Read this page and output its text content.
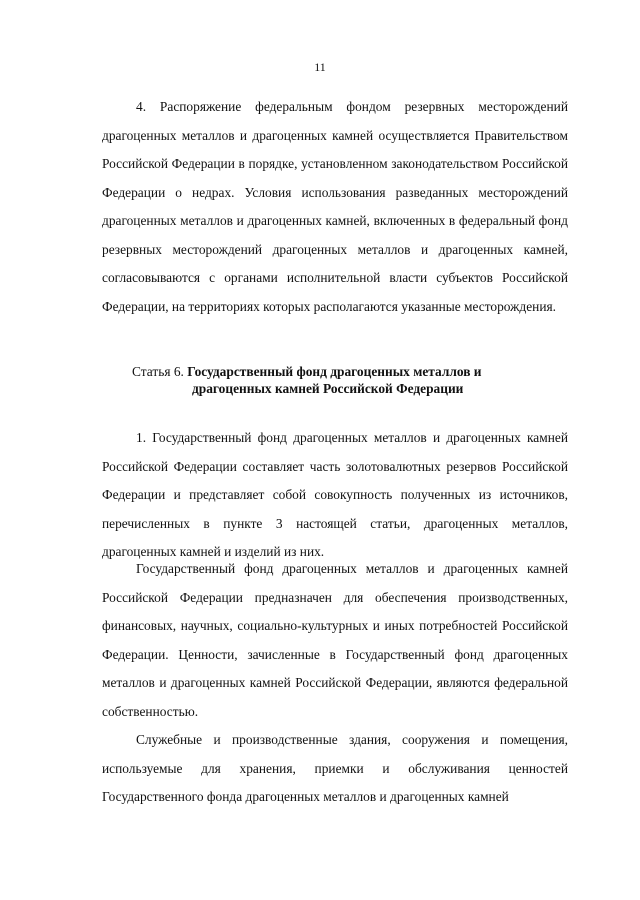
11

4. Распоряжение федеральным фондом резервных месторождений драгоценных металлов и драгоценных камней осуществляется Правительством Российской Федерации в порядке, установленном законодательством Российской Федерации о недрах. Условия использования разведанных месторождений драгоценных металлов и драгоценных камней, включенных в федеральный фонд резервных месторождений драгоценных металлов и драгоценных камней, согласовываются с органами исполнительной власти субъектов Российской Федерации, на территориях которых располагаются указанные месторождения.

Статья 6. Государственный фонд драгоценных металлов и
драгоценных камней Российской Федерации

1. Государственный фонд драгоценных металлов и драгоценных камней Российской Федерации составляет часть золотовалютных резервов Российской Федерации и представляет собой совокупность полученных из источников, перечисленных в пункте 3 настоящей статьи, драгоценных металлов, драгоценных камней и изделий из них.

Государственный фонд драгоценных металлов и драгоценных камней Российской Федерации предназначен для обеспечения производственных, финансовых, научных, социально-культурных и иных потребностей Российской Федерации. Ценности, зачисленные в Государственный фонд драгоценных металлов и драгоценных камней Российской Федерации, являются федеральной собственностью.

Служебные и производственные здания, сооружения и помещения, используемые для хранения, приемки и обслуживания ценностей Государственного фонда драгоценных металлов и драгоценных камней
